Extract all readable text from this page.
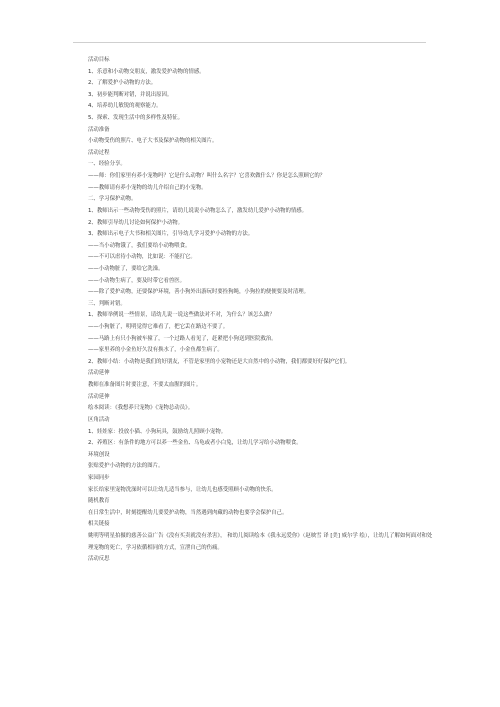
活动目标
1、乐意和小动物交朋友，激发爱护动物的情感。
2、了解爱护小动物的方法。
3、初步能判断对错，并说出原因。
4、培养幼儿敏锐的观察能力。
5、探索、发现生活中的多样性及特征。
活动准备
小动物受伤的照片、电子大书及保护动物的相关图片。
活动过程
一、经验分享。
——师：你们家里有养小宠物吗？它是什么动物？叫什么名字？它喜欢做什么？你是怎么照顾它的？
——教师请有养小宠物的幼儿介绍自己的小宠物。
二、学习保护动物。
1、教师出示一些动物受伤的照片，请幼儿说说小动物怎么了，激发幼儿爱护小动物的情感。
2、教师引导幼儿讨论如何保护小动物。
3、教师出示电子大书和相关图片，引导幼儿学习爱护小动物的方法。
——当小动物饿了，我们要给小动物喂食。
——不可以虐待小动物，比如说：不能打它。
——小动物脏了，要给它洗澡。
——小动物生病了，要及时带它看兽医。
——除了爱护动物，还要保护环境，善小狗外出游玩时要拴狗绳，小狗拉的便便要及时清理。
三、判断对错。
1、教师举例说一些情景，请幼儿说一说这些做法对不对，为什么？该怎么做？
——小狗脏了，明明觉得它难看了，把它丢在路边不要了。
——马路上有只小狗被车撞了，一个过路人看见了，赶紧把小狗送到医院救治。
——家里养的小金鱼好久没有换水了，小金鱼都生病了。
2、教师小结：小动物是我们的好朋友，不管是家里的小宠物还是大自然中的小动物，我们都要好好保护它们。
活动延伸
教师在准备图片时要注意，不要太血腥的图片。
活动延伸
绘本阅读：《我想养只宠物》《宠物总动员》。
区角活动
1、娃娃家：投放小猫、小狗玩具，鼓励幼儿照顾小宠物。
2、养殖区：有条件的地方可以养一些金鱼、乌龟或者小白兔，让幼儿学习给小动物喂食。
环境创设
张贴爱护小动物的方法的图片。
家园同步
家长给家里宠物洗澡时可以让幼儿适当参与，让幼儿也感受照顾小动物的快乐。
随机教育
在日常生活中，时刻提醒幼儿要爱护动物，当然遇到肉藏的动物也要学会保护自己。
相关链接
姚明等明星拍摄的慈善公益广告《没有买卖就没有杀害》， 和幼儿阅读绘本《我永远爱你》（赵映雪 译 [美] 威尔学 绘），让幼儿了解如何面对和处理宠物的死亡，学习依循相同的方式，宣泄自己的伤痛。
活动反思
